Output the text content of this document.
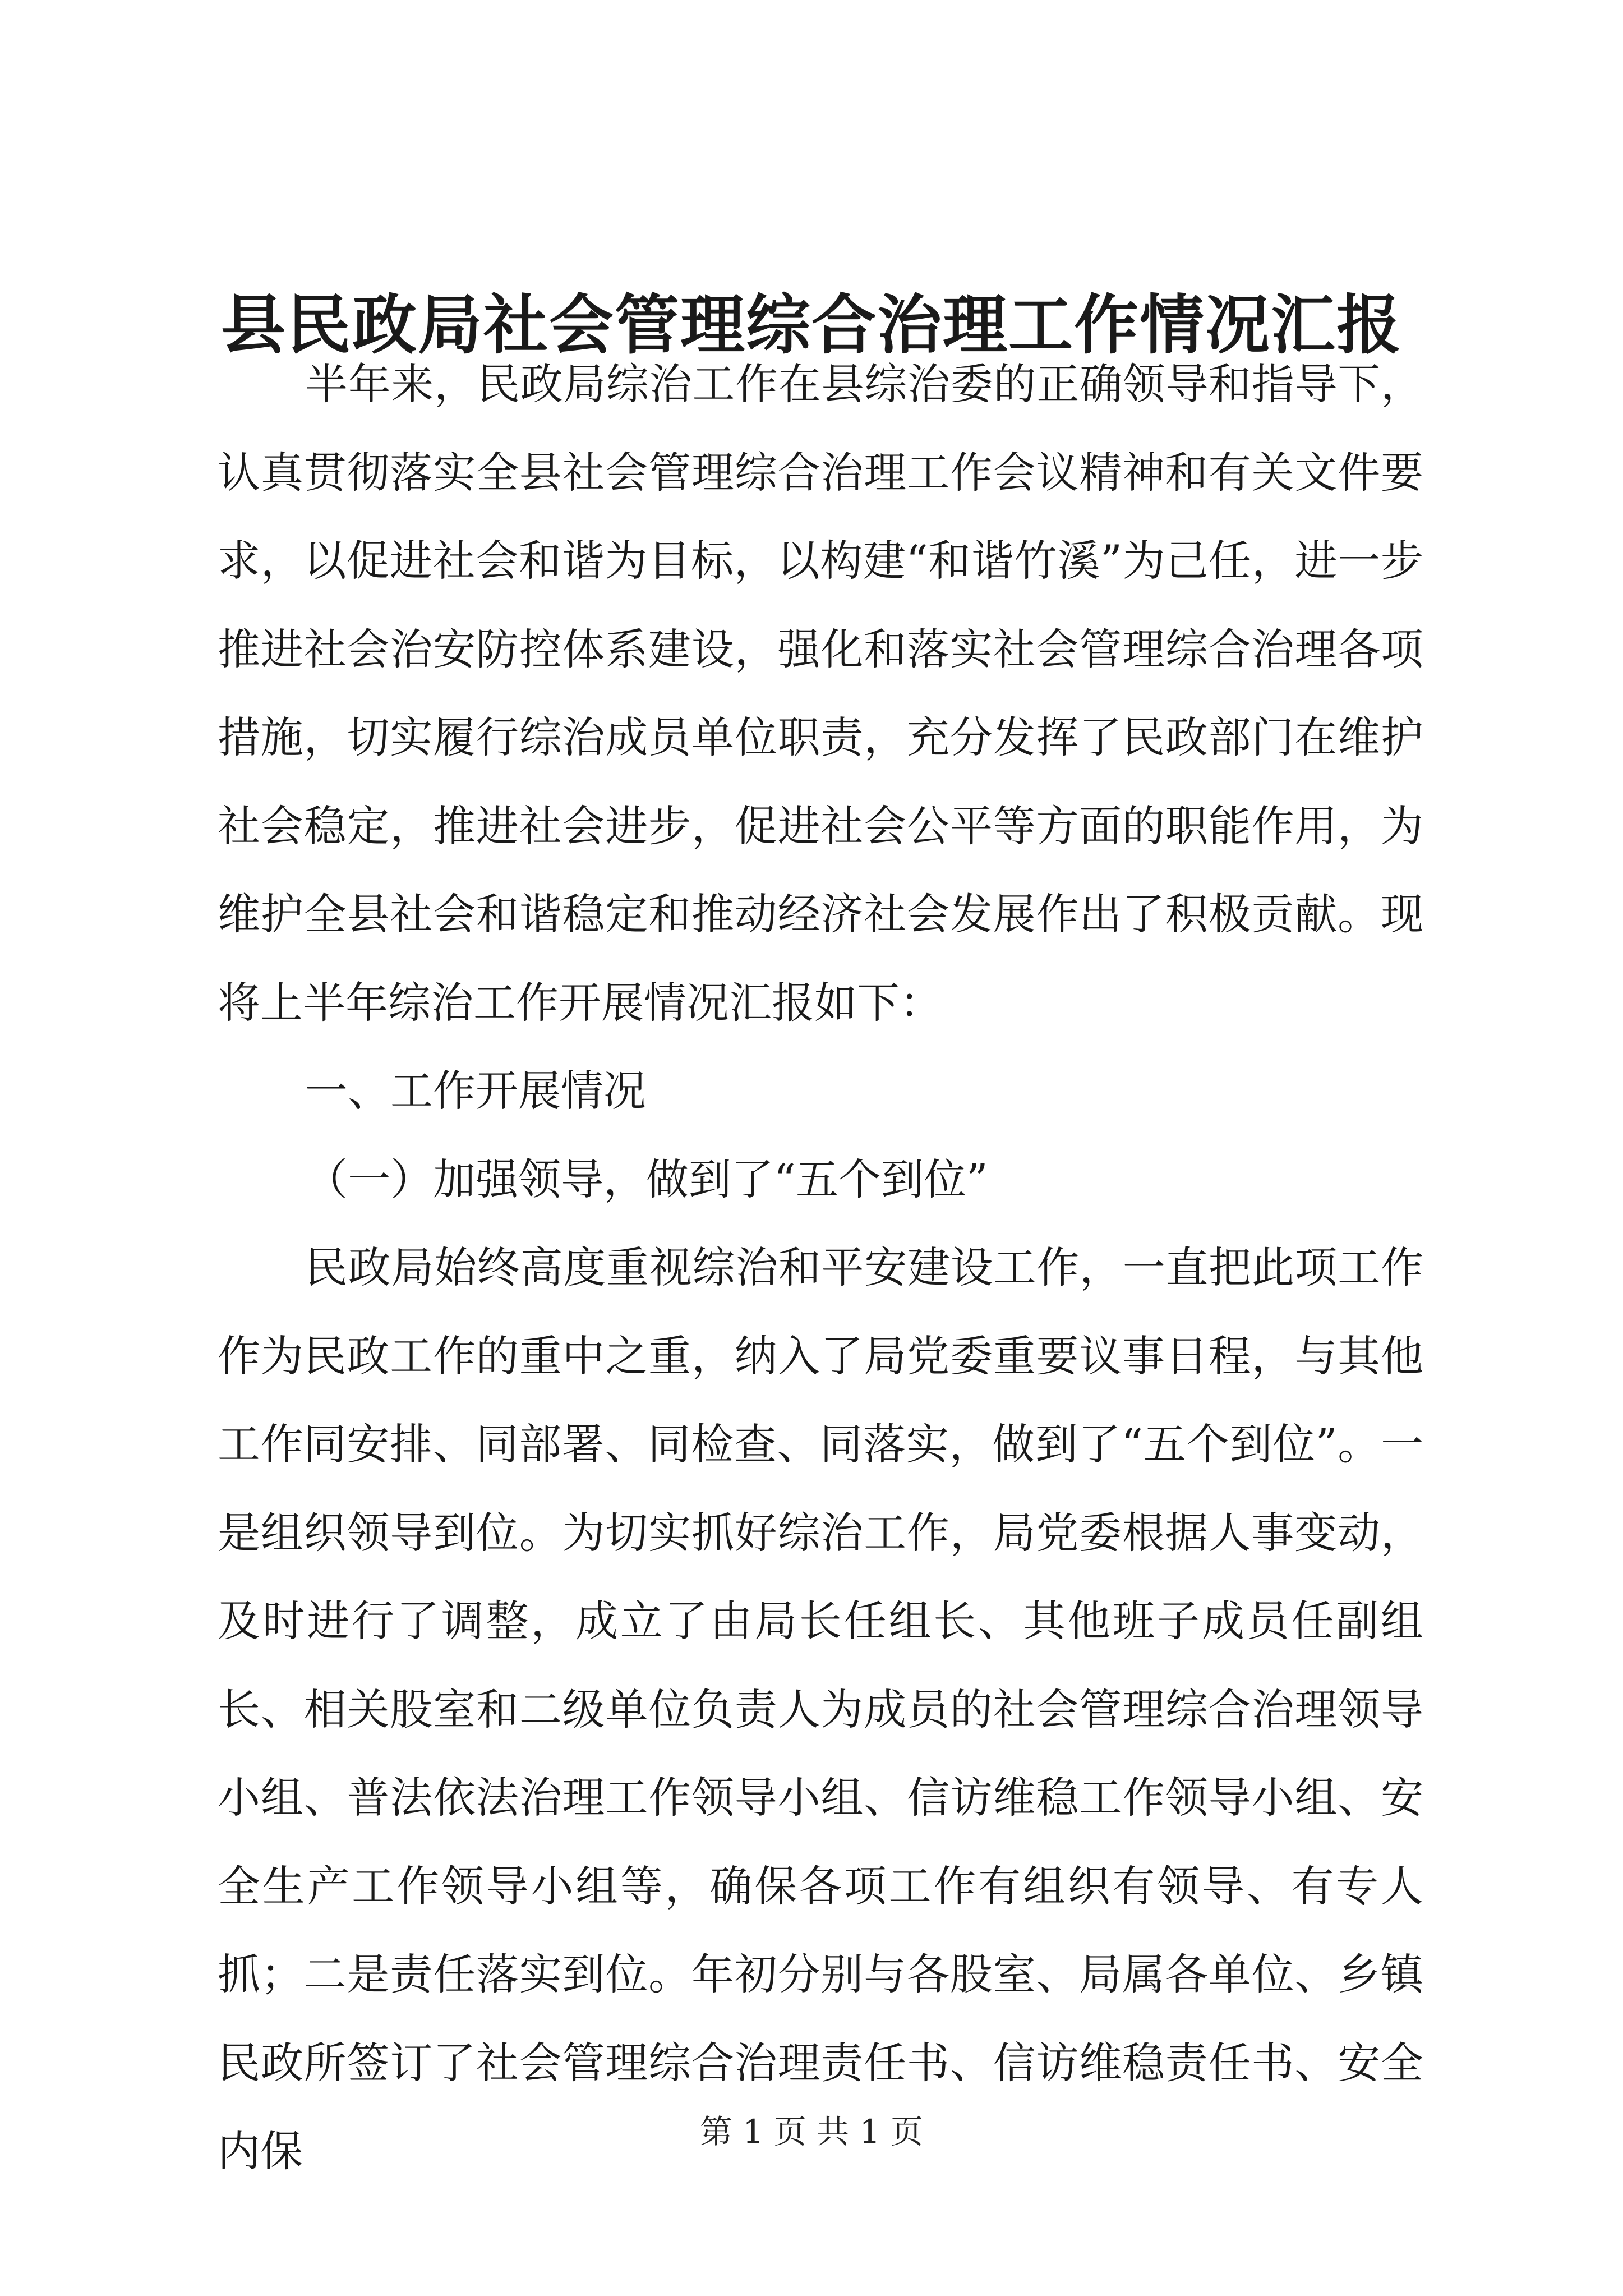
县民政局社会管理综合治理工作情况汇报

半年来，民政局综治工作在县综治委的正确领导和指导下，认真贯彻落实全县社会管理综合治理工作会议精神和有关文件要求，以促进社会和谐为目标，以构建“和谐竹溪”为己任，进一步推进社会治安防控体系建设，强化和落实社会管理综合治理各项措施，切实履行综治成员单位职责，充分发挥了民政部门在维护社会稳定，推进社会进步，促进社会公平等方面的职能作用，为维护全县社会和谐稳定和推动经济社会发展作出了积极贡献。现将上半年综治工作开展情况汇报如下：

一、工作开展情况

（一）加强领导，做到了“五个到位”

民政局始终高度重视综治和平安建设工作，一直把此项工作作为民政工作的重中之重，纳入了局党委重要议事日程，与其他工作同安排、同部署、同检查、同落实，做到了“五个到位”。一是组织领导到位。为切实抓好综治工作，局党委根据人事变动，及时进行了调整，成立了由局长任组长、其他班子成员任副组长、相关股室和二级单位负责人为成员的社会管理综合治理领导小组、普法依法治理工作领导小组、信访维稳工作领导小组、安全生产工作领导小组等，确保各项工作有组织有领导、有专人抓；二是责任落实到位。年初分别与各股室、局属各单位、乡镇民政所签订了社会管理综合治理责任书、信访维稳责任书、安全内保	第 1 页 共 1 页
